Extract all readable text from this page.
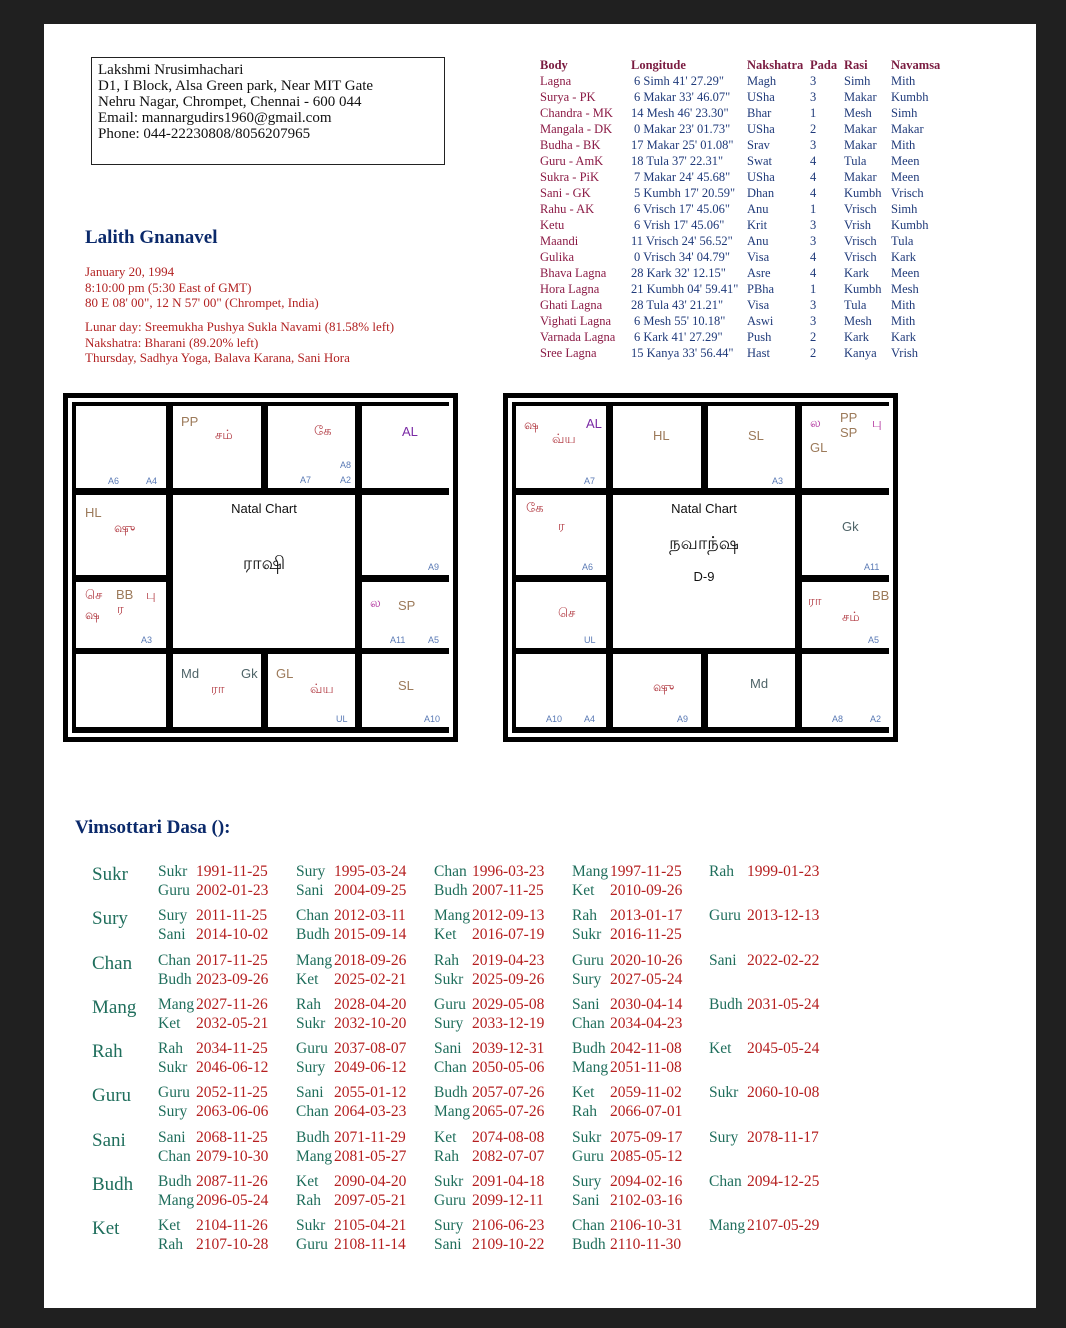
Lakshmi Nrusimhachari
D1, I Block, Alsa Green park, Near MIT Gate
Nehru Nagar, Chrompet, Chennai - 600 044
Email: mannargudirs1960@gmail.com
Phone: 044-22230808/8056207965
Lalith Gnanavel
January 20, 1994
8:10:00 pm (5:30 East of GMT)
80 E 08' 00", 12 N 57' 00" (Chrompet, India)
Lunar day: Sreemukha Pushya Sukla Navami (81.58% left)
Nakshatra: Bharani (89.20% left)
Thursday, Sadhya Yoga, Balava Karana, Sani Hora
Body	Longitude	Nakshatra Pada Rasi Navamsa
Lagna	6 Simh 41' 27.29" Magh	3 Simh Mith
Surya - PK	6 Makar 33' 46.07" USha	3 Makar Kumbh
Chandra - MK 14 Mesh 46' 23.30" Bhar	1 Mesh Simh
Mangala - DK 0 Makar 23' 01.73" USha	2 Makar Makar
Budha - BK 17 Makar 25' 01.08" Srav	3 Makar Mith
Guru - AmK 18 Tula 37' 22.31" Swat	4 Tula Meen
Sukra - PiK	7 Makar 24' 45.68" USha	4 Makar Meen
Sani - GK	5 Kumbh 17' 20.59" Dhan	4 Kumbh Vrisch
Rahu - AK	6 Vrisch 17' 45.06" Anu	1 Vrisch Simh
Ketu	6 Vrish 17' 45.06" Krit	3 Vrish Kumbh
Maandi	11 Vrisch 24' 56.52" Anu	3 Vrisch Tula
Gulika	0 Vrisch 34' 04.79" Visa	4 Vrisch Kark
Bhava Lagna 28 Kark 32' 12.15" Asre	4 Kark Meen
Hora Lagna	21 Kumbh 04' 59.41" PBha	1 Kumbh Mesh
Ghati Lagna 28 Tula 43' 21.21" Visa	3 Tula Mith
Vighati Lagna 6 Mesh 55' 10.18" Aswi	3 Mesh Mith
Varnada Lagna 6 Kark 41' 27.29" Push	2 Kark Kark
Sree Lagna	15 Kanya 33' 56.44" Hast	2 Kanya Vrish
A6	A4
PP
சம்	கே
A8
A7	A2
AL
HL
ஷு
A9
செ BB
ர
பு
ஷ
A3
ல SP
A11	A5
Md
ரா
Gk GL
வ்ய
UL
SL
A10
Natal Chart
ராஷி
ஷ
வ்ய
AL
A7
HL	SL
A3
ல PP
SP
பு
GL
கே
ர
A6
Gk
A11
செ
UL
ரா
சம்
BB
A5
A10 A4
ஷு
A9
Md
A8	A2
Natal Chart
நவாந்ஷ
D-9
Vimsottari Dasa ():
Sukr Sukr 1991-11-25 Sury 1995-03-24 Chan 1996-03-23 Mang 1997-11-25 Rah 1999-01-23
Guru 2002-01-23 Sani 2004-09-25 Budh 2007-11-25 Ket 2010-09-26
Sury Sury 2011-11-25 Chan 2012-03-11 Mang 2012-09-13 Rah 2013-01-17 Guru 2013-12-13
Sani 2014-10-02 Budh 2015-09-14 Ket 2016-07-19 Sukr 2016-11-25
Chan Chan 2017-11-25 Mang 2018-09-26 Rah 2019-04-23 Guru 2020-10-26 Sani 2022-02-22
Budh 2023-09-26 Ket 2025-02-21 Sukr 2025-09-26 Sury 2027-05-24
Mang Mang 2027-11-26 Rah 2028-04-20 Guru 2029-05-08 Sani 2030-04-14 Budh 2031-05-24
Ket 2032-05-21 Sukr 2032-10-20 Sury 2033-12-19 Chan 2034-04-23
Rah Rah 2034-11-25 Guru 2037-08-07 Sani 2039-12-31 Budh 2042-11-08 Ket 2045-05-24
Sukr 2046-06-12 Sury 2049-06-12 Chan 2050-05-06 Mang 2051-11-08
Guru Guru 2052-11-25 Sani 2055-01-12 Budh 2057-07-26 Ket 2059-11-02 Sukr 2060-10-08
Sury 2063-06-06 Chan 2064-03-23 Mang 2065-07-26 Rah 2066-07-01
Sani Sani 2068-11-25 Budh 2071-11-29 Ket 2074-08-08 Sukr 2075-09-17 Sury 2078-11-17
Chan 2079-10-30 Mang 2081-05-27 Rah 2082-07-07 Guru 2085-05-12
Budh Budh 2087-11-26 Ket 2090-04-20 Sukr 2091-04-18 Sury 2094-02-16 Chan 2094-12-25
Mang 2096-05-24 Rah 2097-05-21 Guru 2099-12-11 Sani 2102-03-16
Ket Ket 2104-11-26 Sukr 2105-04-21 Sury 2106-06-23 Chan 2106-10-31 Mang 2107-05-29
Rah 2107-10-28 Guru 2108-11-14 Sani 2109-10-22 Budh 2110-11-30
